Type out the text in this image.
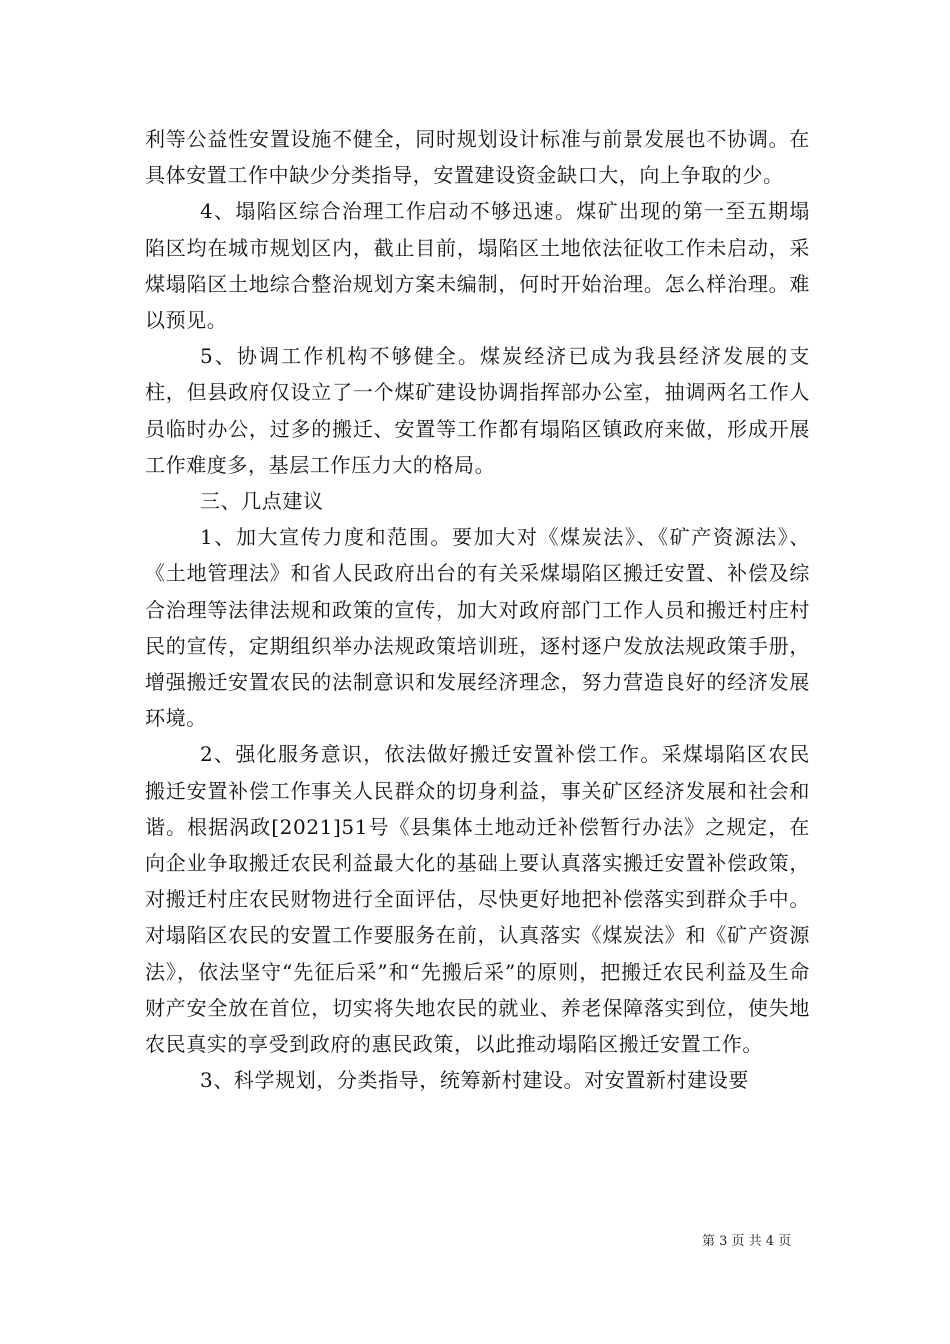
利等公益性安置设施不健全，同时规划设计标准与前景发展也不协调。在具体安置工作中缺少分类指导，安置建设资金缺口大，向上争取的少。

4、塌陷区综合治理工作启动不够迅速。煤矿出现的第一至五期塌陷区均在城市规划区内，截止目前，塌陷区土地依法征收工作未启动，采煤塌陷区土地综合整治规划方案未编制，何时开始治理。怎么样治理。难以预见。

5、协调工作机构不够健全。煤炭经济已成为我县经济发展的支柱，但县政府仅设立了一个煤矿建设协调指挥部办公室，抽调两名工作人员临时办公，过多的搬迁、安置等工作都有塌陷区镇政府来做，形成开展工作难度多，基层工作压力大的格局。

三、几点建议

1、加大宣传力度和范围。要加大对《煤炭法》、《矿产资源法》、《土地管理法》和省人民政府出台的有关采煤塌陷区搬迁安置、补偿及综合治理等法律法规和政策的宣传，加大对政府部门工作人员和搬迁村庄村民的宣传，定期组织举办法规政策培训班，逐村逐户发放法规政策手册，增强搬迁安置农民的法制意识和发展经济理念，努力营造良好的经济发展环境。

2、强化服务意识，依法做好搬迁安置补偿工作。采煤塌陷区农民搬迁安置补偿工作事关人民群众的切身利益，事关矿区经济发展和社会和谐。根据涡政[2021]51号《县集体土地动迁补偿暂行办法》之规定，在向企业争取搬迁农民利益最大化的基础上要认真落实搬迁安置补偿政策，对搬迁村庄农民财物进行全面评估，尽快更好地把补偿落实到群众手中。对塌陷区农民的安置工作要服务在前，认真落实《煤炭法》和《矿产资源法》，依法坚守“先征后采”和“先搬后采”的原则，把搬迁农民利益及生命财产安全放在首位，切实将失地农民的就业、养老保障落实到位，使失地农民真实的享受到政府的惠民政策，以此推动塌陷区搬迁安置工作。

3、科学规划，分类指导，统筹新村建设。对安置新村建设要

第 3 页 共 4 页
